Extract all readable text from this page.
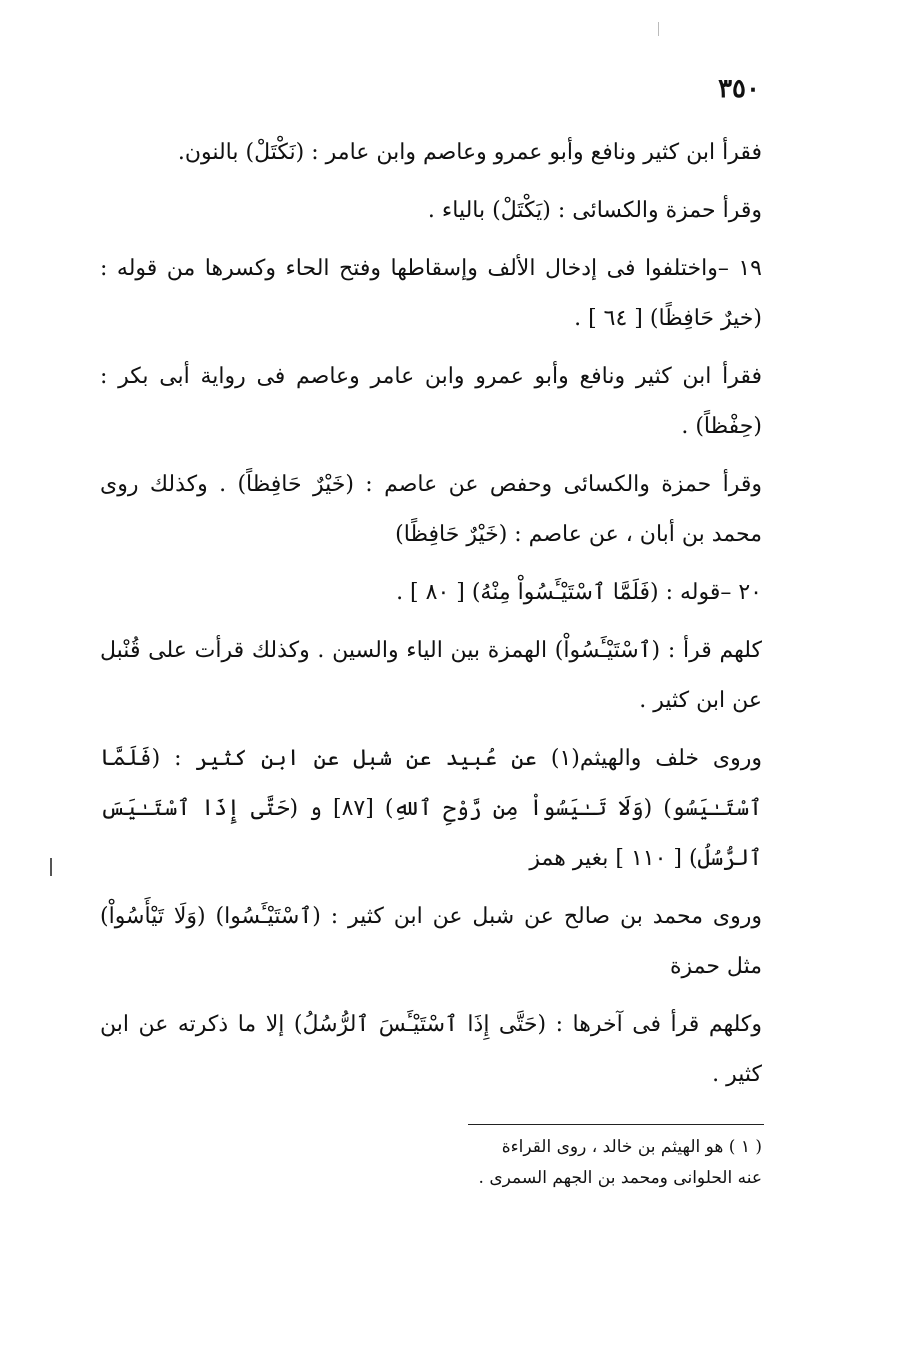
٣٥٠

فقرأ ابن كثير ونافع وأبو عمرو وعاصم وابن عامر : (نَكْتَلْ) بالنون.

وقرأ حمزة والكسائى : (يَكْتَلْ) بالياء .

١٩ –واختلفوا فى إدخال الألف وإسقاطها وفتح الحاء وكسرها من قوله : (خيرٌ حَافِظًا) [ ٦٤ ] .

فقرأ ابن كثير ونافع وأبو عمرو وابن عامر وعاصم فى رواية أبى بكر : (حِفْظاً) .

وقرأ حمزة والكسائى وحفص عن عاصم : (خَيْرٌ حَافِظاً) . وكذلك روى محمد بن أبان ، عن عاصم : (خَيْرٌ حَافِظًا)

٢٠ –قوله : (فَلَمَّا ٱسْتَيْـَٔسُواْ مِنْهُ) [ ٨٠ ] .

كلهم قرأ : (ٱسْتَيْـَٔسُواْ) الهمزة بين الياء والسين . وكذلك قرأت على قُنْبل عن ابن كثير .

وروى خلف والهيثم(١) عن عُبيد عن شبل عن ابن كثير : (فَلَمَّا ٱسْتَـٰيَسُو) (وَلَا تَـٰيَسُواْ مِن رَّوْحِ ٱللهِ) [٨٧] و (حَتَّى إِذَا ٱسْتَـٰيَسَ ٱلرُّسُلُ) [ ١١٠ ] بغير همز

وروى محمد بن صالح عن شبل عن ابن كثير : (ٱسْتَيْـَٔسُوا) (وَلَا تَيْأَسُواْ) مثل حمزة

وكلهم قرأ فى آخرها : (حَتَّى إِذَا ٱسْتَيْـَٔسَ ٱلرُّسُلُ) إلا ما ذكرته عن ابن كثير .

( ١ ) هو الهيثم بن خالد ، روى القراءة

عنه الحلوانى ومحمد بن الجهم السمرى .
